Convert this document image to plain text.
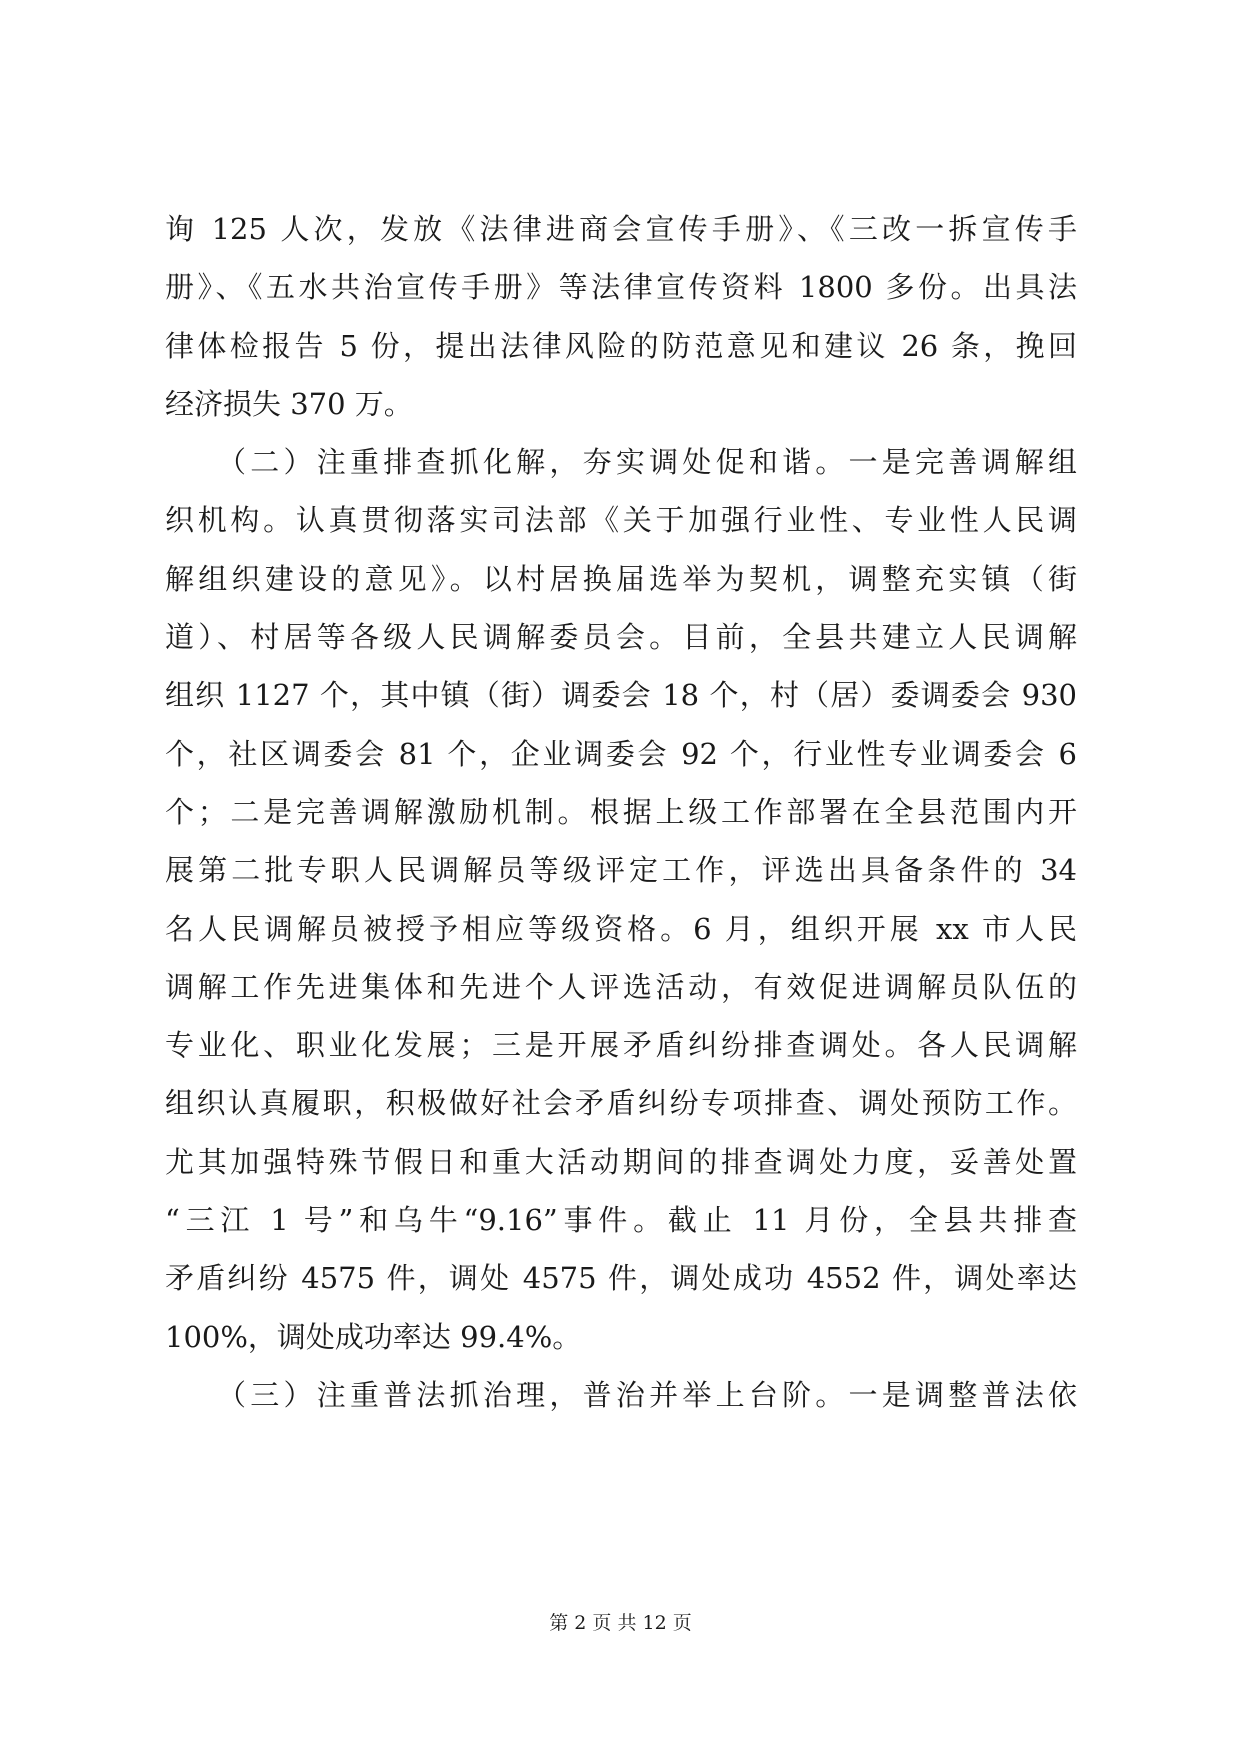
询 125 人次，发放《法律进商会宣传手册》、《三改一拆宣传手
册》、《五水共治宣传手册》等法律宣传资料 1800 多份。出具法
律体检报告 5 份，提出法律风险的防范意见和建议 26 条，挽回
经济损失 370 万。
　　（二）注重排查抓化解，夯实调处促和谐。一是完善调解组
织机构。认真贯彻落实司法部《关于加强行业性、专业性人民调
解组织建设的意见》。以村居换届选举为契机，调整充实镇（街
道）、村居等各级人民调解委员会。目前，全县共建立人民调解
组织 1127 个，其中镇（街）调委会 18 个，村（居）委调委会 930
个，社区调委会 81 个，企业调委会 92 个，行业性专业调委会 6
个；二是完善调解激励机制。根据上级工作部署在全县范围内开
展第二批专职人民调解员等级评定工作，评选出具备条件的 34
名人民调解员被授予相应等级资格。6 月，组织开展 xx 市人民
调解工作先进集体和先进个人评选活动，有效促进调解员队伍的
专业化、职业化发展；三是开展矛盾纠纷排查调处。各人民调解
组织认真履职，积极做好社会矛盾纠纷专项排查、调处预防工作。
尤其加强特殊节假日和重大活动期间的排查调处力度，妥善处置
“三江 1 号”和乌牛“9.16”事件。截止 11 月份，全县共排查
矛盾纠纷 4575 件，调处 4575 件，调处成功 4552 件，调处率达
100%，调处成功率达 99.4%。
　　（三）注重普法抓治理，普治并举上台阶。一是调整普法依
第 2 页 共 12 页
